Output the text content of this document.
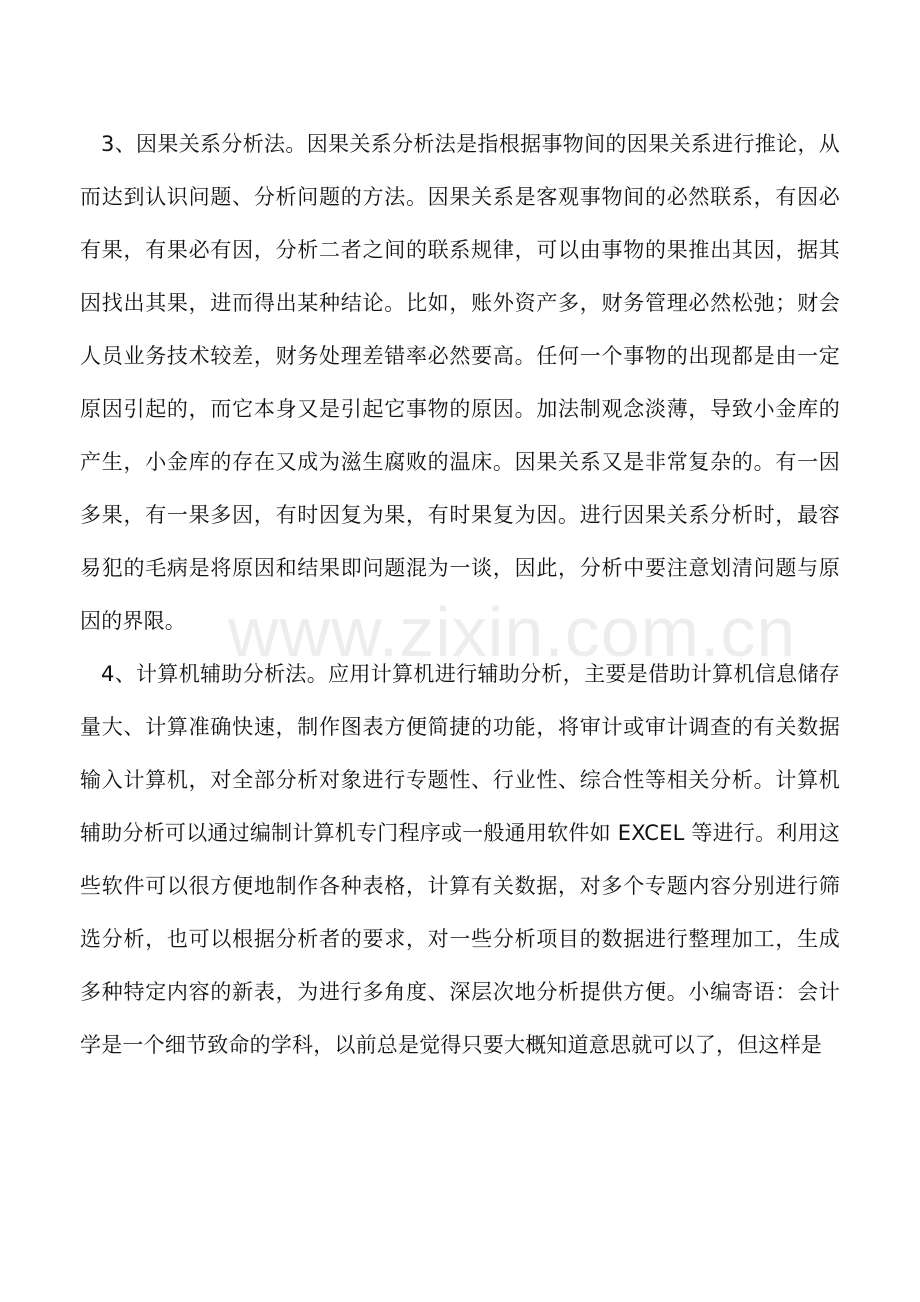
3、因果关系分析法。因果关系分析法是指根据事物间的因果关系进行推论，从而达到认识问题、分析问题的方法。因果关系是客观事物间的必然联系，有因必有果，有果必有因，分析二者之间的联系规律，可以由事物的果推出其因，据其因找出其果，进而得出某种结论。比如，账外资产多，财务管理必然松弛；财会人员业务技术较差，财务处理差错率必然要高。任何一个事物的出现都是由一定原因引起的，而它本身又是引起它事物的原因。加法制观念淡薄，导致小金库的产生，小金库的存在又成为滋生腐败的温床。因果关系又是非常复杂的。有一因多果，有一果多因，有时因复为果，有时果复为因。进行因果关系分析时，最容易犯的毛病是将原因和结果即问题混为一谈，因此，分析中要注意划清问题与原因的界限。

4、计算机辅助分析法。应用计算机进行辅助分析，主要是借助计算机信息储存量大、计算准确快速，制作图表方便简捷的功能，将审计或审计调查的有关数据输入计算机，对全部分析对象进行专题性、行业性、综合性等相关分析。计算机辅助分析可以通过编制计算机专门程序或一般通用软件如 EXCEL 等进行。利用这些软件可以很方便地制作各种表格，计算有关数据，对多个专题内容分别进行筛选分析，也可以根据分析者的要求，对一些分析项目的数据进行整理加工，生成多种特定内容的新表，为进行多角度、深层次地分析提供方便。小编寄语：会计学是一个细节致命的学科，以前总是觉得只要大概知道意思就可以了，但这样是

www.zixin.com.cn
